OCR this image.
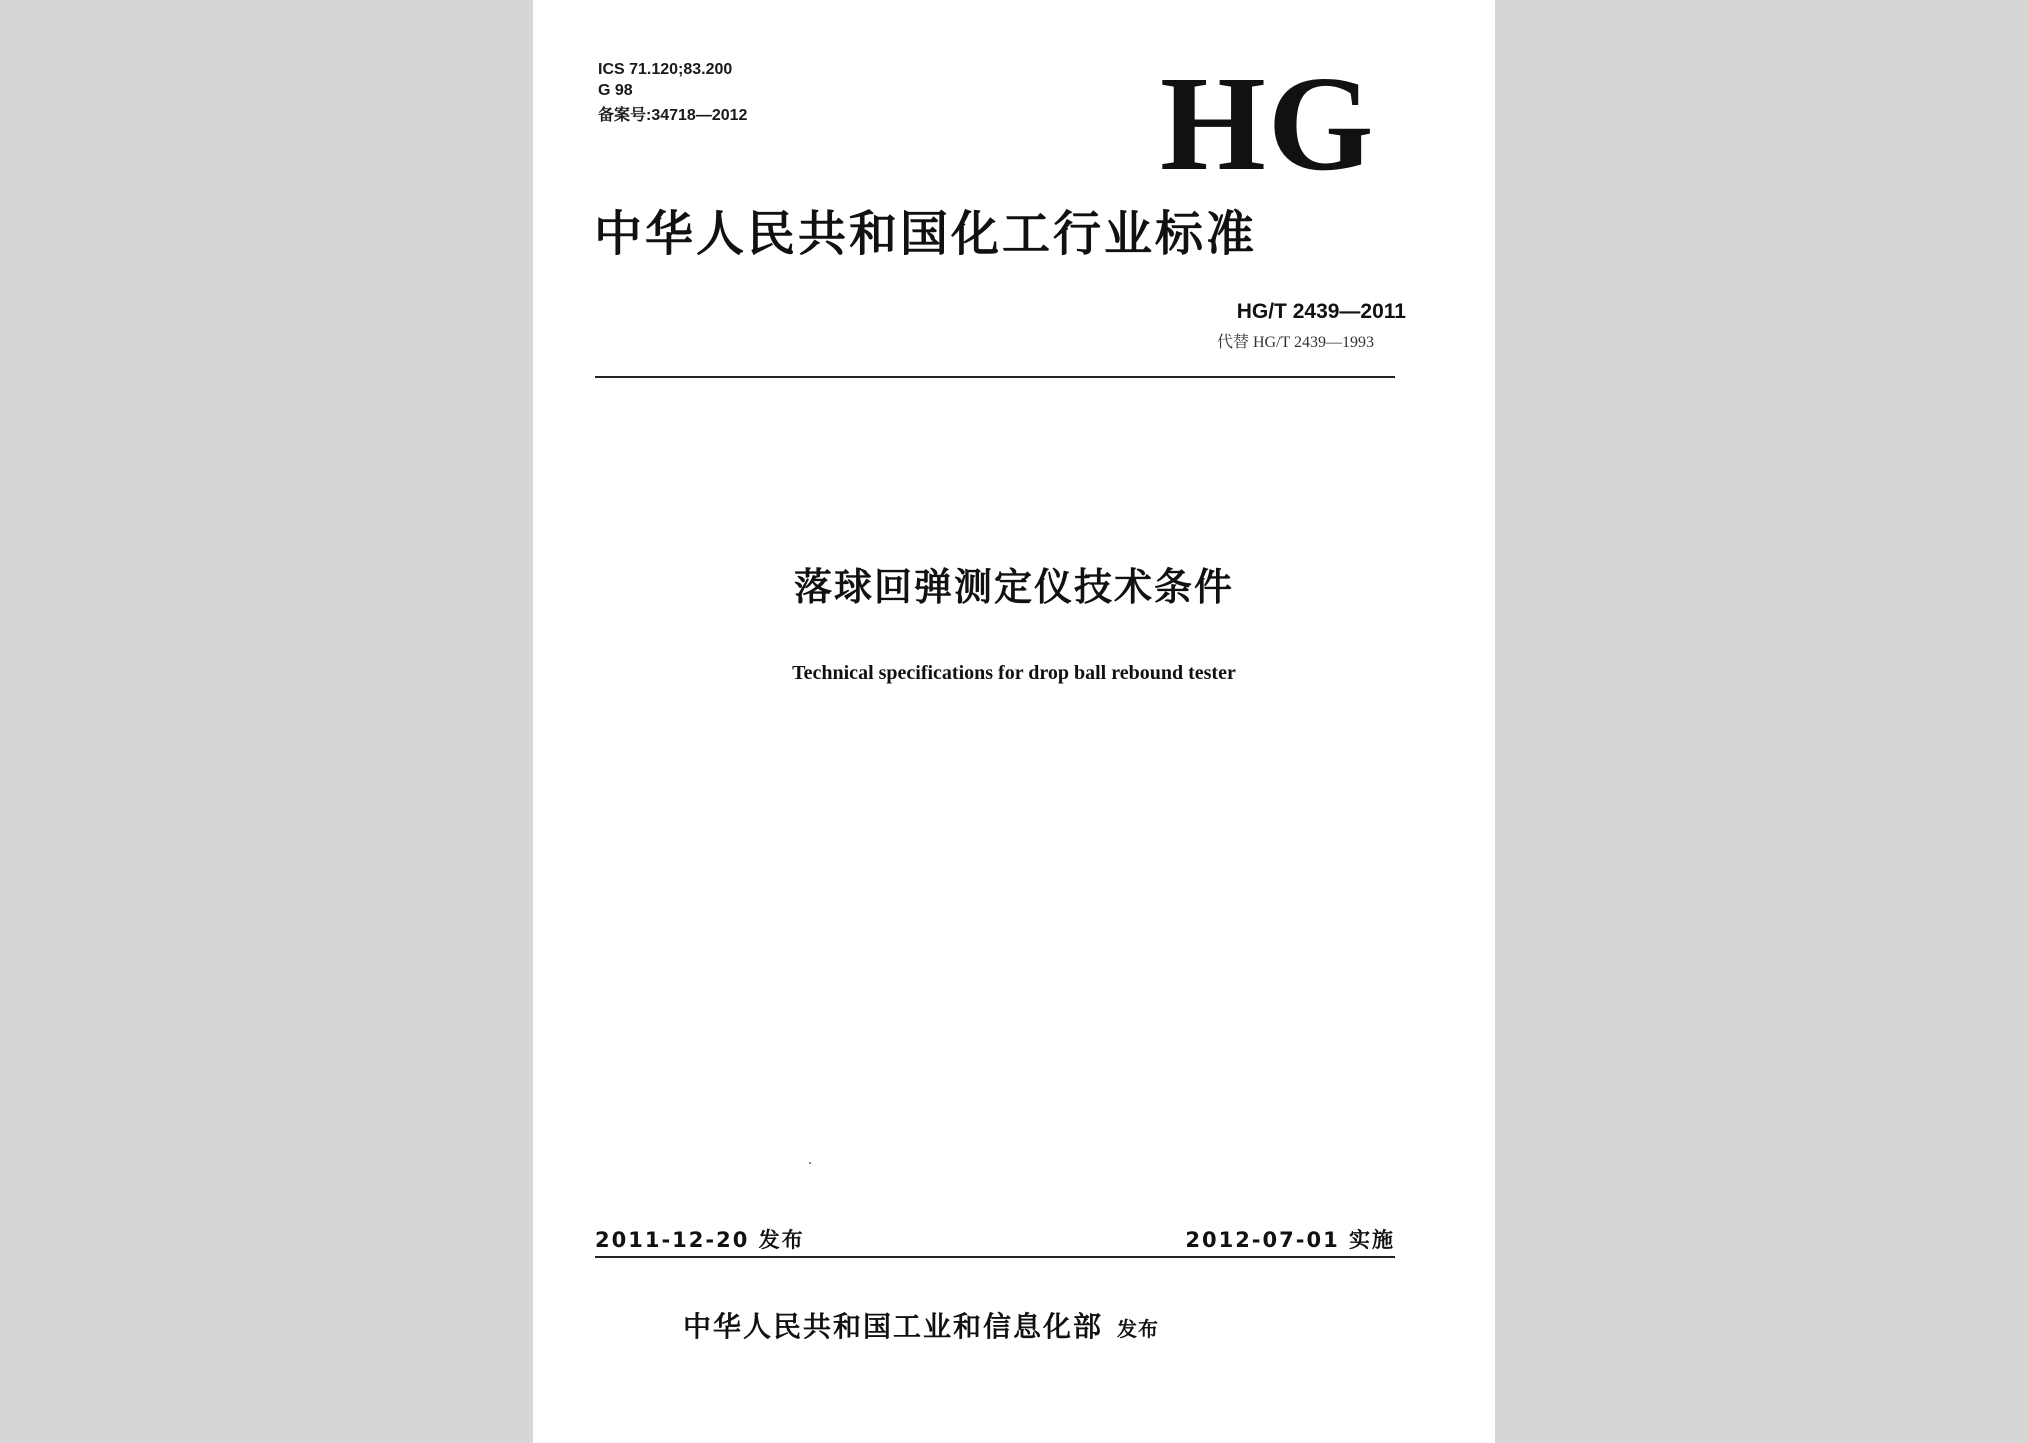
ICS 71.120;83.200
G 98
备案号:34718—2012	HG
中华人民共和国化工行业标准
HG/T 2439—2011
代替 HG/T 2439—1993
落球回弹测定仪技术条件
Technical specifications for drop ball rebound tester
2011-12-20 发布	2012-07-01 实施
中华人民共和国工业和信息化部 发布
